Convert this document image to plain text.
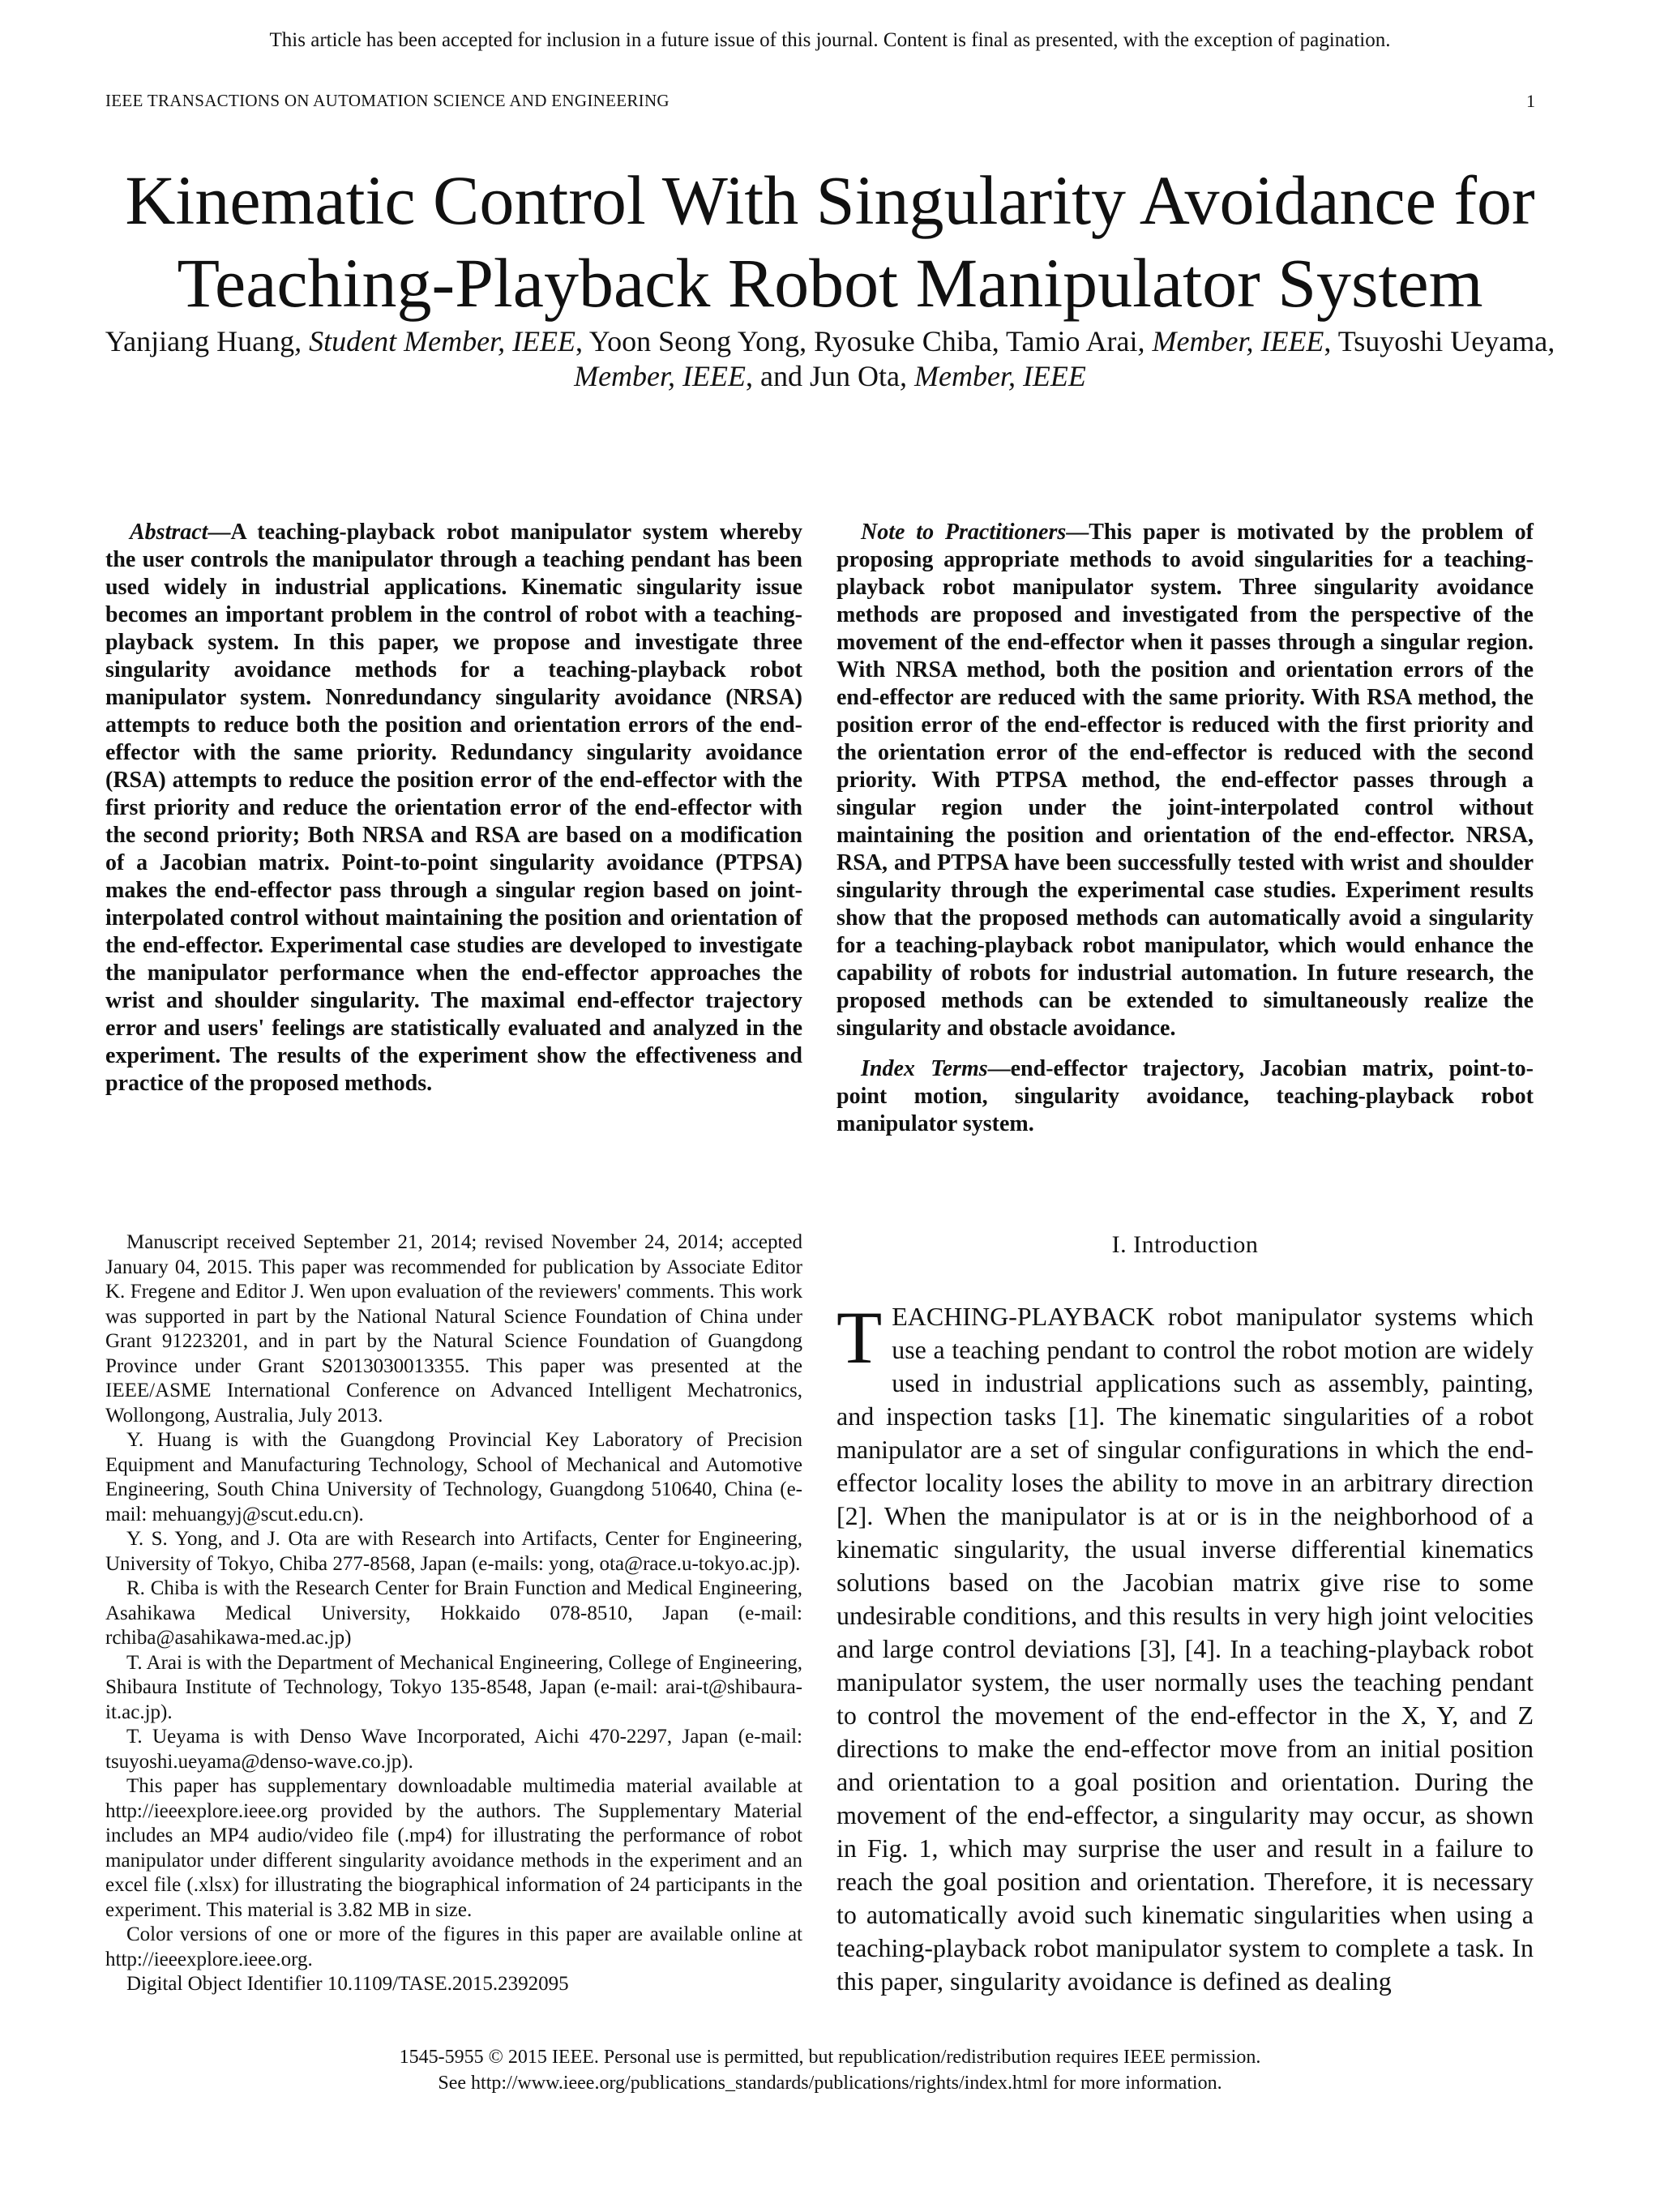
This article has been accepted for inclusion in a future issue of this journal. Content is final as presented, with the exception of pagination.
IEEE TRANSACTIONS ON AUTOMATION SCIENCE AND ENGINEERING	1
Kinematic Control With Singularity Avoidance for Teaching-Playback Robot Manipulator System
Yanjiang Huang, Student Member, IEEE, Yoon Seong Yong, Ryosuke Chiba, Tamio Arai, Member, IEEE, Tsuyoshi Ueyama, Member, IEEE, and Jun Ota, Member, IEEE

Abstract—A teaching-playback robot manipulator system whereby the user controls the manipulator through a teaching pendant has been used widely in industrial applications. Kinematic singularity issue becomes an important problem in the control of robot with a teaching-playback system. In this paper, we propose and investigate three singularity avoidance methods for a teaching-playback robot manipulator system. Nonredundancy singularity avoidance (NRSA) attempts to reduce both the position and orientation errors of the end-effector with the same priority. Redundancy singularity avoidance (RSA) attempts to reduce the position error of the end-effector with the first priority and reduce the orientation error of the end-effector with the second priority; Both NRSA and RSA are based on a modification of a Jacobian matrix. Point-to-point singularity avoidance (PTPSA) makes the end-effector pass through a singular region based on joint-interpolated control without maintaining the position and orientation of the end-effector. Experimental case studies are developed to investigate the manipulator performance when the end-effector approaches the wrist and shoulder singularity. The maximal end-effector trajectory error and users' feelings are statistically evaluated and analyzed in the experiment. The results of the experiment show the effectiveness and practice of the proposed methods.

Note to Practitioners—This paper is motivated by the problem of proposing appropriate methods to avoid singularities for a teaching-playback robot manipulator system. Three singularity avoidance methods are proposed and investigated from the perspective of the movement of the end-effector when it passes through a singular region. With NRSA method, both the position and orientation errors of the end-effector are reduced with the same priority. With RSA method, the position error of the end-effector is reduced with the first priority and the orientation error of the end-effector is reduced with the second priority. With PTPSA method, the end-effector passes through a singular region under the joint-interpolated control without maintaining the position and orientation of the end-effector. NRSA, RSA, and PTPSA have been successfully tested with wrist and shoulder singularity through the experimental case studies. Experiment results show that the proposed methods can automatically avoid a singularity for a teaching-playback robot manipulator, which would enhance the capability of robots for industrial automation. In future research, the proposed methods can be extended to simultaneously realize the singularity and obstacle avoidance.

Index Terms—end-effector trajectory, Jacobian matrix, point-to-point motion, singularity avoidance, teaching-playback robot manipulator system.

Manuscript received September 21, 2014; revised November 24, 2014; accepted January 04, 2015. This paper was recommended for publication by Associate Editor K. Fregene and Editor J. Wen upon evaluation of the reviewers' comments. This work was supported in part by the National Natural Science Foundation of China under Grant 91223201, and in part by the Natural Science Foundation of Guangdong Province under Grant S2013030013355. This paper was presented at the IEEE/ASME International Conference on Advanced Intelligent Mechatronics, Wollongong, Australia, July 2013.

Y. Huang is with the Guangdong Provincial Key Laboratory of Precision Equipment and Manufacturing Technology, School of Mechanical and Automotive Engineering, South China University of Technology, Guangdong 510640, China (e-mail: mehuangyj@scut.edu.cn).

Y. S. Yong, and J. Ota are with Research into Artifacts, Center for Engineering, University of Tokyo, Chiba 277-8568, Japan (e-mails: yong, ota@race.u-tokyo.ac.jp).

R. Chiba is with the Research Center for Brain Function and Medical Engineering, Asahikawa Medical University, Hokkaido 078-8510, Japan (e-mail: rchiba@asahikawa-med.ac.jp)

T. Arai is with the Department of Mechanical Engineering, College of Engineering, Shibaura Institute of Technology, Tokyo 135-8548, Japan (e-mail: arai-t@shibaura-it.ac.jp).

T. Ueyama is with Denso Wave Incorporated, Aichi 470-2297, Japan (e-mail: tsuyoshi.ueyama@denso-wave.co.jp).

This paper has supplementary downloadable multimedia material available at http://ieeexplore.ieee.org provided by the authors. The Supplementary Material includes an MP4 audio/video file (.mp4) for illustrating the performance of robot manipulator under different singularity avoidance methods in the experiment and an excel file (.xlsx) for illustrating the biographical information of 24 participants in the experiment. This material is 3.82 MB in size.

Color versions of one or more of the figures in this paper are available online at http://ieeexplore.ieee.org.

Digital Object Identifier 10.1109/TASE.2015.2392095

I. Introduction

TEACHING-PLAYBACK robot manipulator systems which use a teaching pendant to control the robot motion are widely used in industrial applications such as assembly, painting, and inspection tasks [1]. The kinematic singularities of a robot manipulator are a set of singular configurations in which the end-effector locality loses the ability to move in an arbitrary direction [2]. When the manipulator is at or is in the neighborhood of a kinematic singularity, the usual inverse differential kinematics solutions based on the Jacobian matrix give rise to some undesirable conditions, and this results in very high joint velocities and large control deviations [3], [4]. In a teaching-playback robot manipulator system, the user normally uses the teaching pendant to control the movement of the end-effector in the X, Y, and Z directions to make the end-effector move from an initial position and orientation to a goal position and orientation. During the movement of the end-effector, a singularity may occur, as shown in Fig. 1, which may surprise the user and result in a failure to reach the goal position and orientation. Therefore, it is necessary to automatically avoid such kinematic singularities when using a teaching-playback robot manipulator system to complete a task. In this paper, singularity avoidance is defined as dealing

1545-5955 © 2015 IEEE. Personal use is permitted, but republication/redistribution requires IEEE permission.
See http://www.ieee.org/publications_standards/publications/rights/index.html for more information.
